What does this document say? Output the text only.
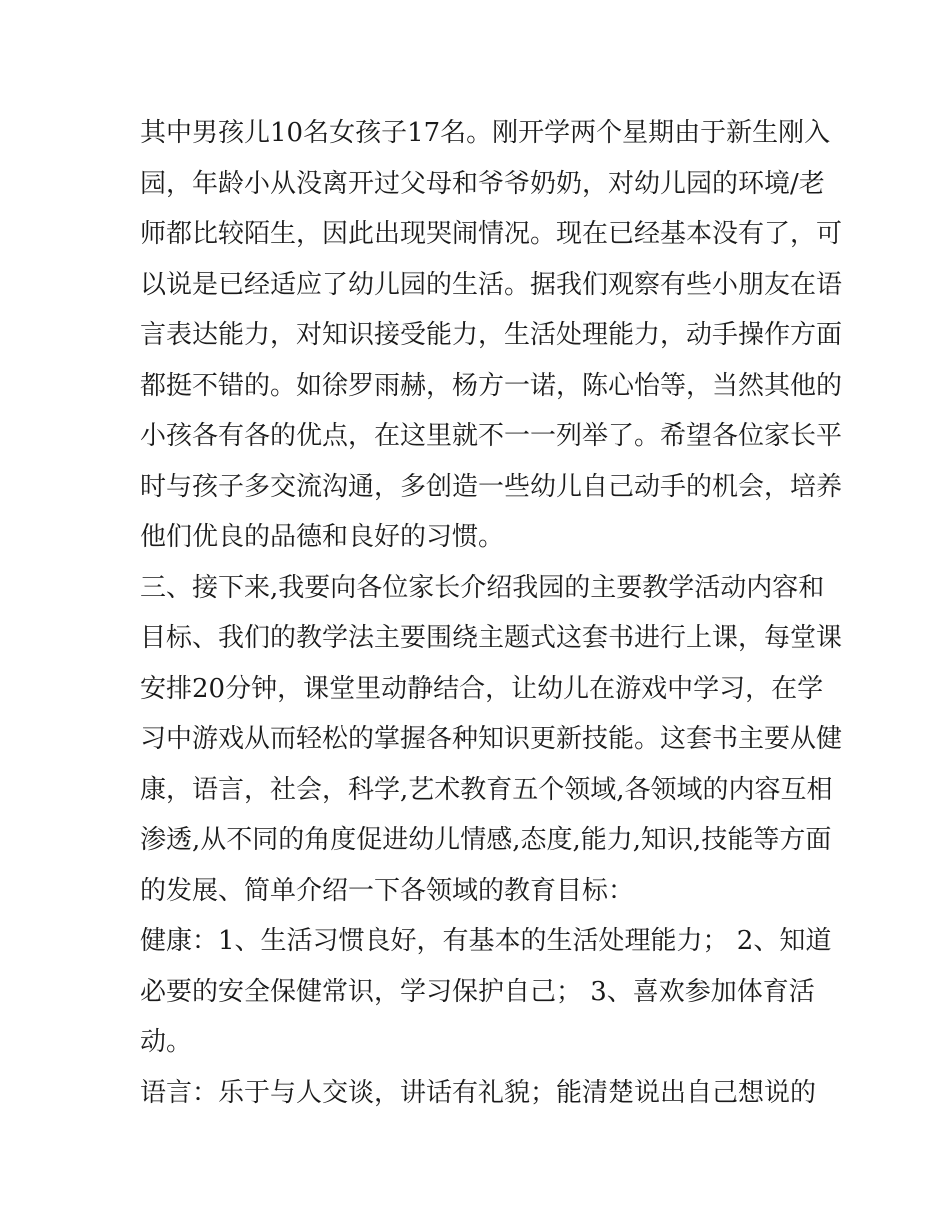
其中男孩儿10名女孩子17名。刚开学两个星期由于新生刚入
园，年龄小从没离开过父母和爷爷奶奶，对幼儿园的环境/老
师都比较陌生，因此出现哭闹情况。现在已经基本没有了，可
以说是已经适应了幼儿园的生活。据我们观察有些小朋友在语
言表达能力，对知识接受能力，生活处理能力，动手操作方面
都挺不错的。如徐罗雨赫，杨方一诺，陈心怡等，当然其他的
小孩各有各的优点，在这里就不一一列举了。希望各位家长平
时与孩子多交流沟通，多创造一些幼儿自己动手的机会，培养
他们优良的品德和良好的习惯。
三、接下来,我要向各位家长介绍我园的主要教学活动内容和
目标、我们的教学法主要围绕主题式这套书进行上课，每堂课
安排20分钟，课堂里动静结合，让幼儿在游戏中学习，在学
习中游戏从而轻松的掌握各种知识更新技能。这套书主要从健
康，语言，社会，科学,艺术教育五个领域,各领域的内容互相
渗透,从不同的角度促进幼儿情感,态度,能力,知识,技能等方面
的发展、简单介绍一下各领域的教育目标：
健康：1、生活习惯良好，有基本的生活处理能力； 2、知道
必要的安全保健常识，学习保护自己； 3、喜欢参加体育活
动。
语言：乐于与人交谈，讲话有礼貌；能清楚说出自己想说的
